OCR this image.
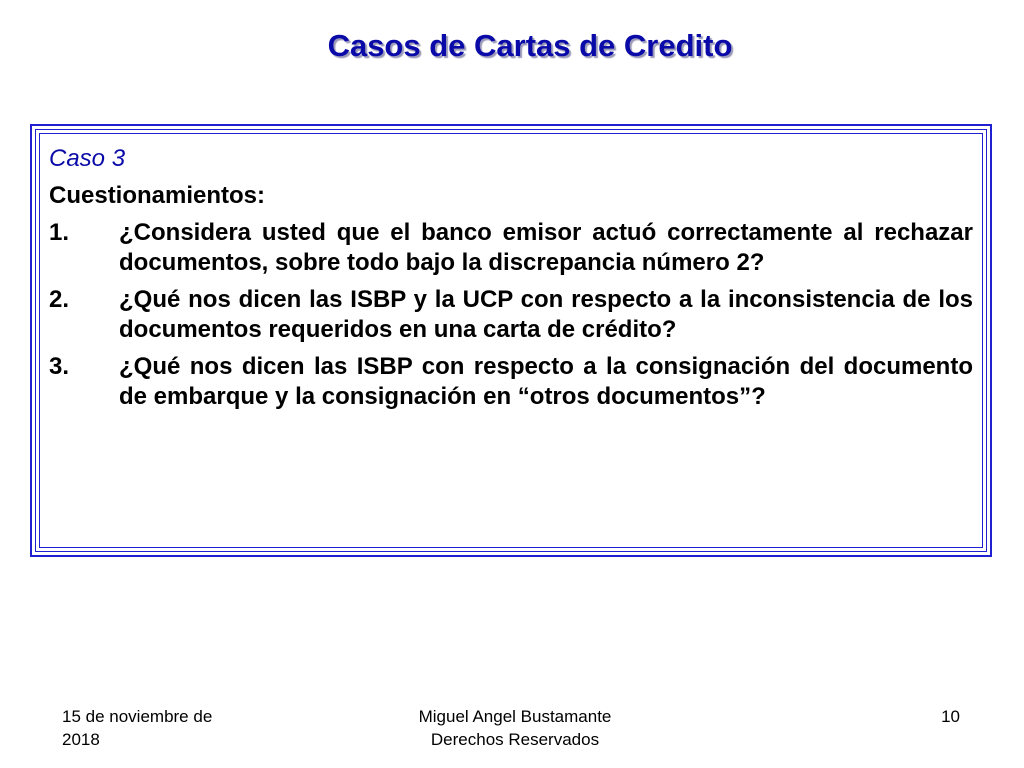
Casos de Cartas de Credito
Caso 3
Cuestionamientos:
1.	¿Considera usted que el banco emisor actuó correctamente al rechazar documentos, sobre todo bajo la discrepancia número 2?
2.	¿Qué nos dicen las ISBP y la UCP con respecto a la inconsistencia de los documentos requeridos en una carta de crédito?
3.	¿Qué nos dicen las ISBP con respecto a la consignación del documento de embarque y la consignación en “otros documentos”?
15 de noviembre de
2018
Miguel Angel Bustamante
Derechos Reservados
10
